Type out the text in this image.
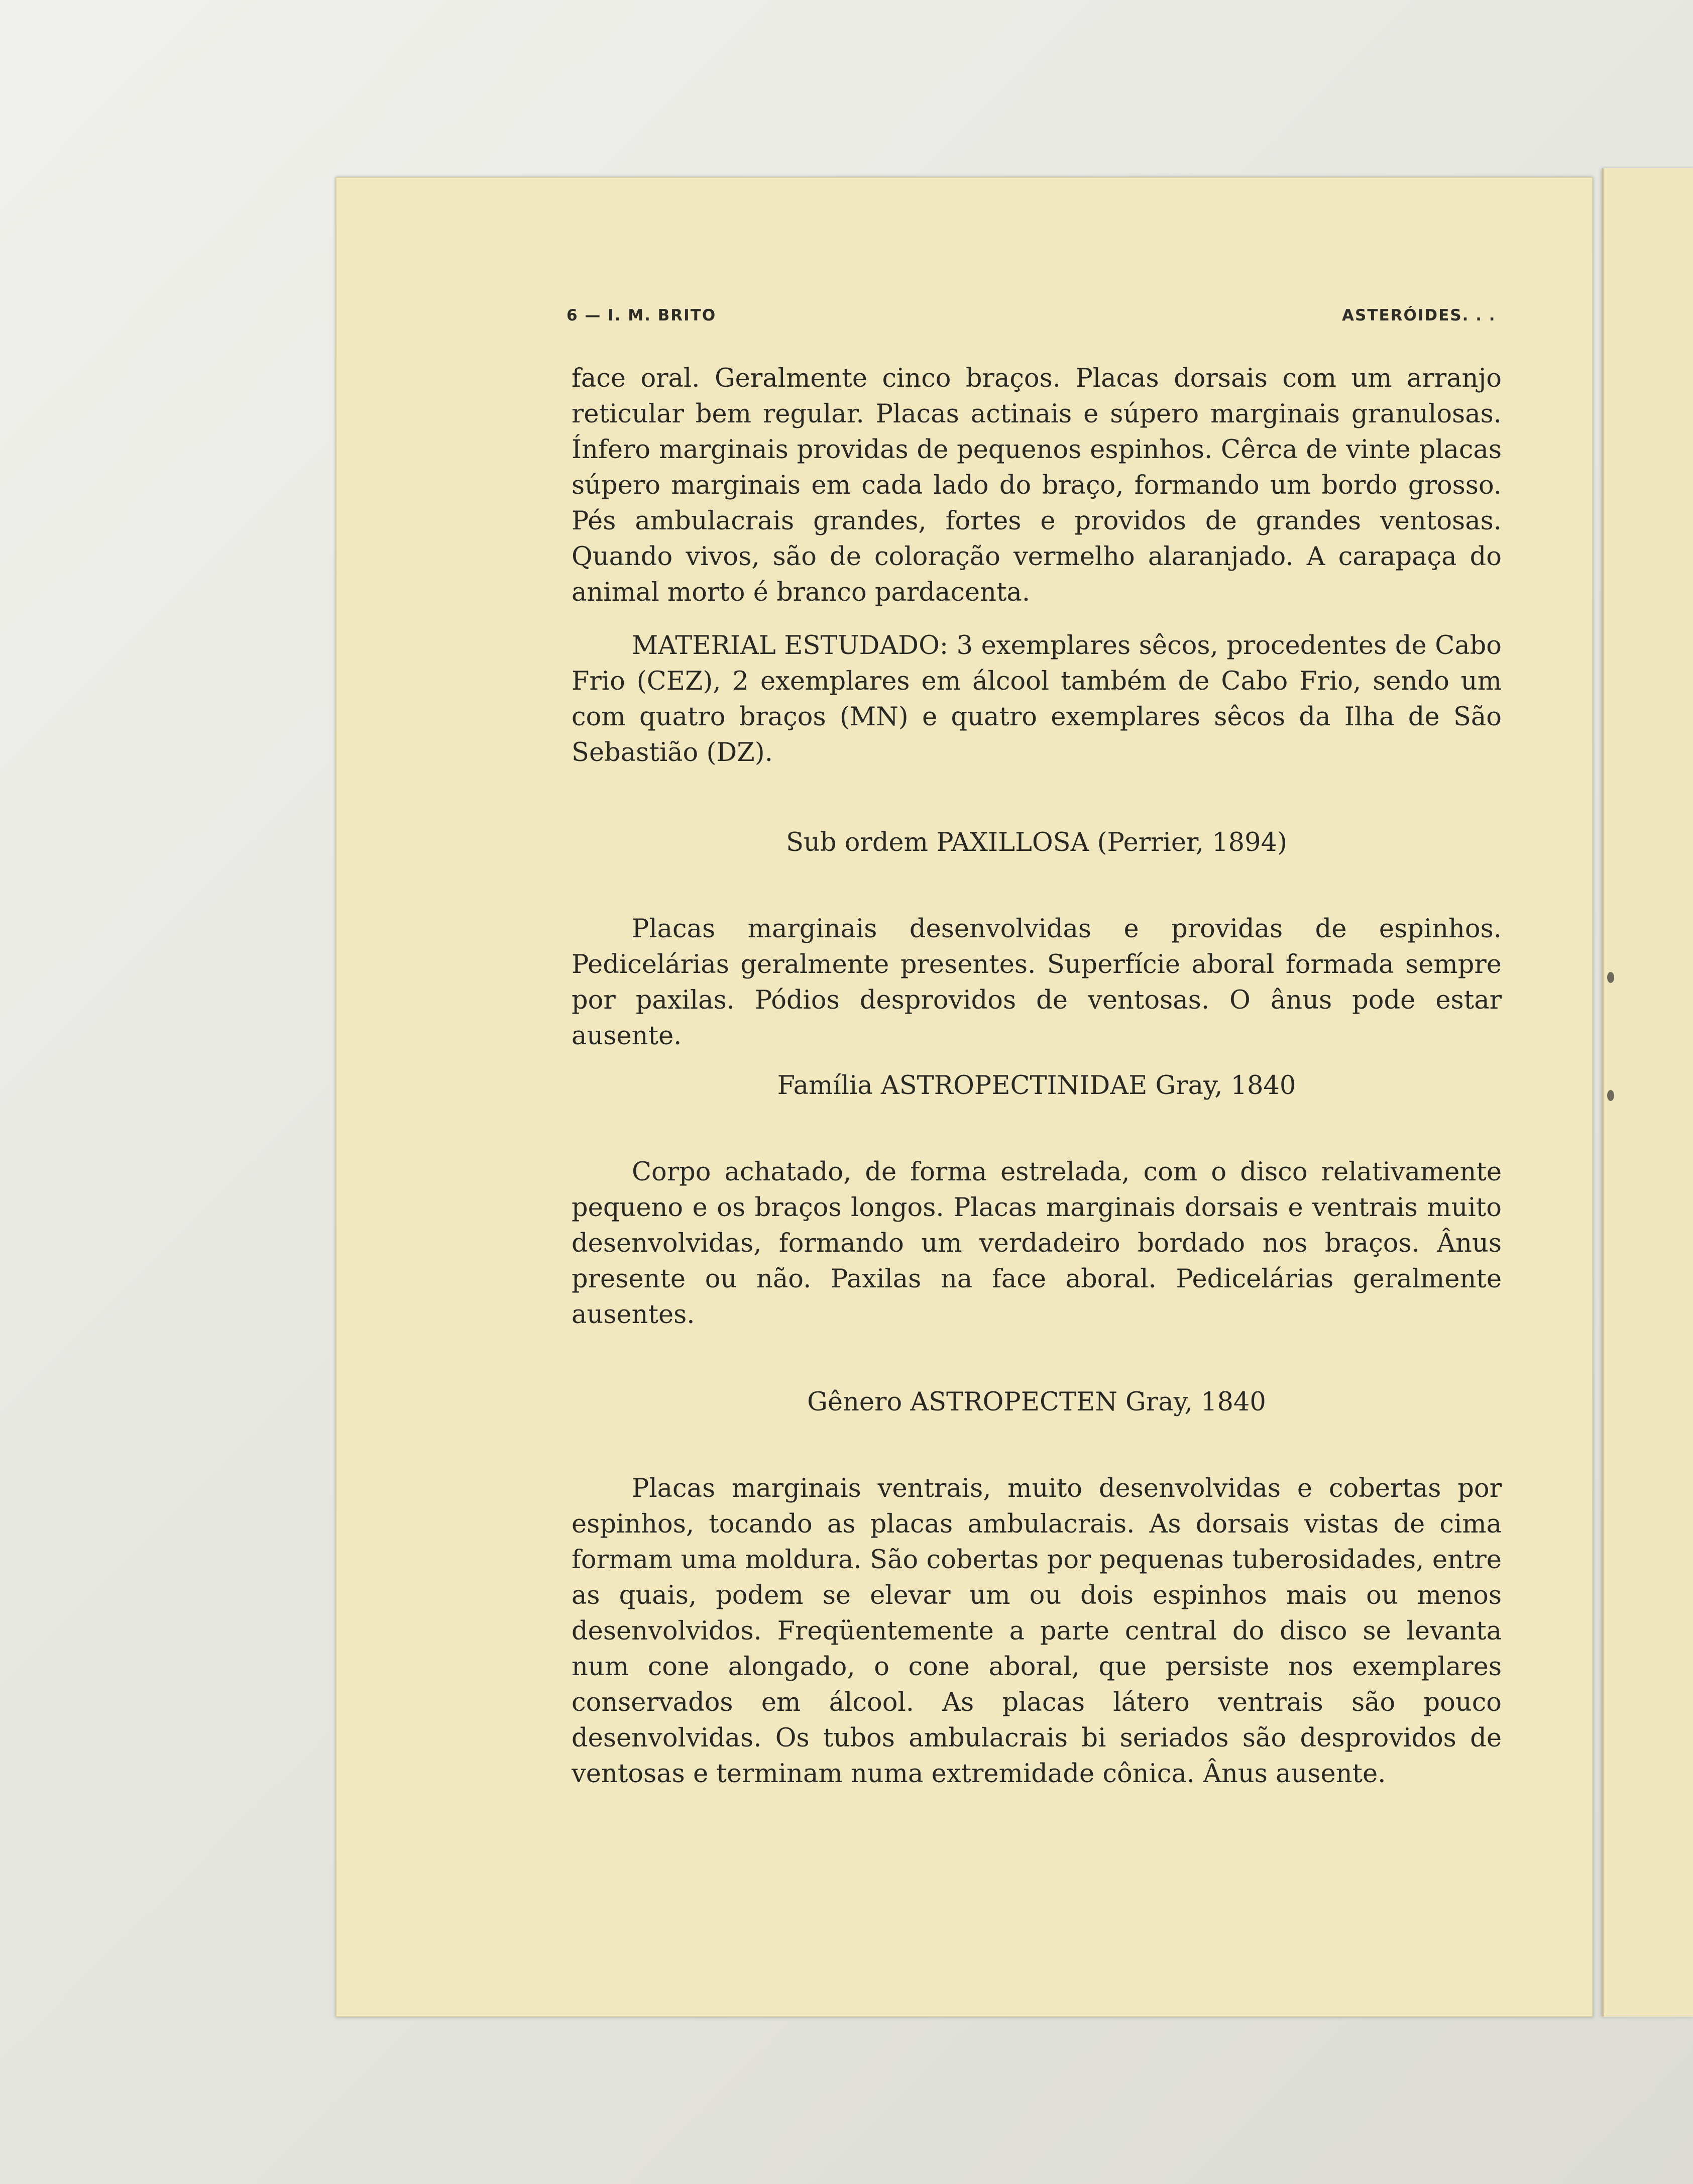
6 — I. M. BRITO	ASTERÓIDES. . .

face oral. Geralmente cinco braços. Placas dorsais com um arranjo reticular bem regular. Placas actinais e súpero marginais granulosas. Ínfero marginais providas de pequenos espinhos. Cêrca de vinte placas súpero marginais em cada lado do braço, formando um bordo grosso. Pés ambulacrais grandes, fortes e providos de grandes ventosas. Quando vivos, são de coloração vermelho alaranjado. A carapaça do animal morto é branco pardacenta.

MATERIAL ESTUDADO: 3 exemplares sêcos, procedentes de Cabo Frio (CEZ), 2 exemplares em álcool também de Cabo Frio, sendo um com quatro braços (MN) e quatro exemplares sêcos da Ilha de São Sebastião (DZ).

Sub ordem PAXILLOSA (Perrier, 1894)

Placas marginais desenvolvidas e providas de espinhos. Pedicelárias geralmente presentes. Superfície aboral formada sempre por paxilas. Pódios desprovidos de ventosas. O ânus pode estar ausente.

Família ASTROPECTINIDAE Gray, 1840

Corpo achatado, de forma estrelada, com o disco relativamente pequeno e os braços longos. Placas marginais dorsais e ventrais muito desenvolvidas, formando um verdadeiro bordado nos braços. Ânus presente ou não. Paxilas na face aboral. Pedicelárias geralmente ausentes.

Gênero ASTROPECTEN Gray, 1840

Placas marginais ventrais, muito desenvolvidas e cobertas por espinhos, tocando as placas ambulacrais. As dorsais vistas de cima formam uma moldura. São cobertas por pequenas tuberosidades, entre as quais, podem se elevar um ou dois espinhos mais ou menos desenvolvidos. Freqüentemente a parte central do disco se levanta num cone alongado, o cone aboral, que persiste nos exemplares conservados em álcool. As placas látero ventrais são pouco desenvolvidas. Os tubos ambulacrais bi seriados são desprovidos de ventosas e terminam numa extremidade cônica. Ânus ausente.
